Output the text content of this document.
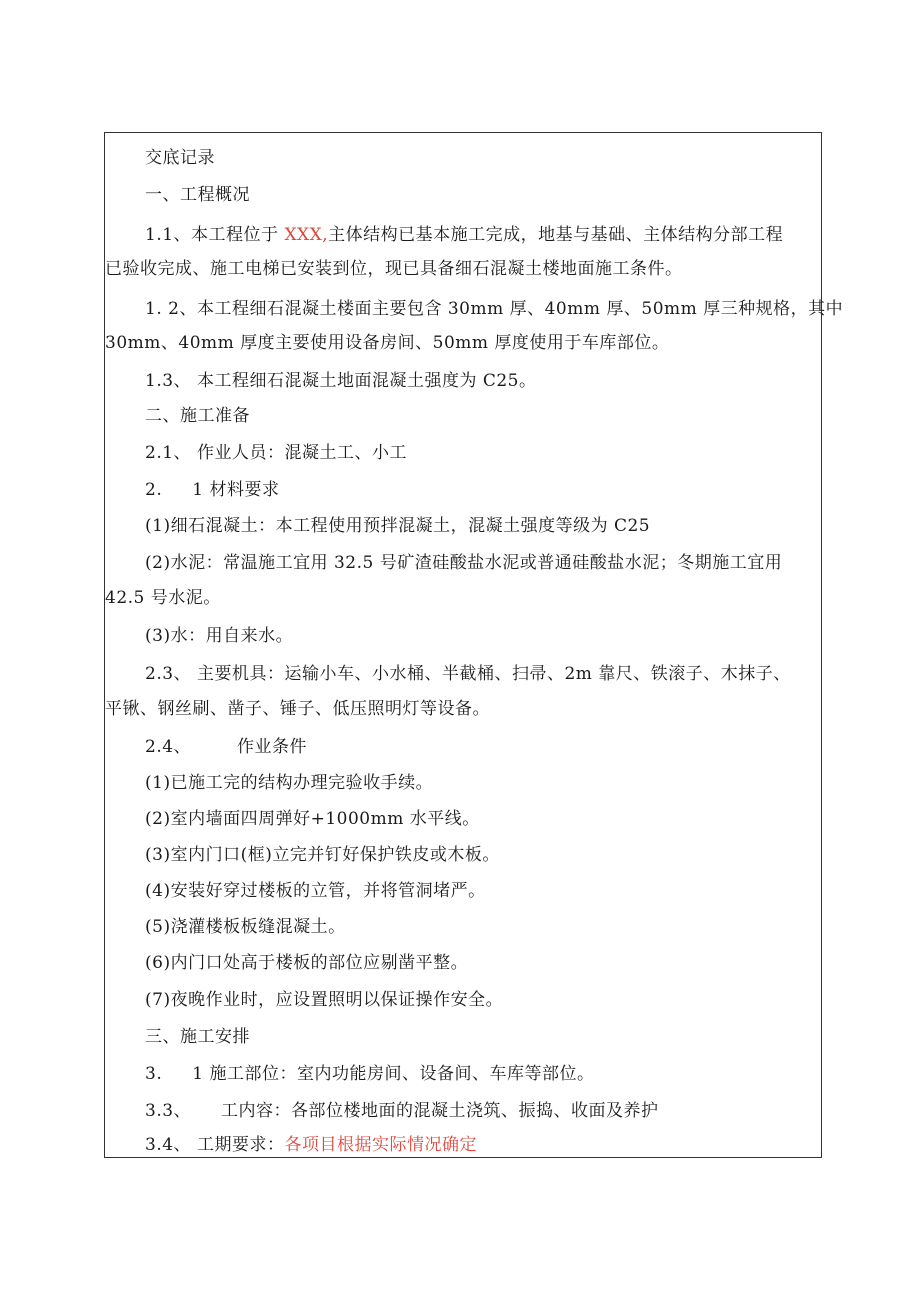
交底记录
一、工程概况
1.1、本工程位于 XXX,主体结构已基本施工完成，地基与基础、主体结构分部工程
已验收完成、施工电梯已安装到位，现已具备细石混凝土楼地面施工条件。
1. 2、本工程细石混凝土楼面主要包含 30mm 厚、40mm 厚、50mm 厚三种规格，其中
30mm、40mm 厚度主要使用设备房间、50mm 厚度使用于车库部位。
1.3、 本工程细石混凝土地面混凝土强度为 C25。
二、施工准备
2.1、 作业人员：混凝土工、小工
2. 1 材料要求
(1)细石混凝土：本工程使用预拌混凝土，混凝土强度等级为 C25
(2)水泥：常温施工宜用 32.5 号矿渣硅酸盐水泥或普通硅酸盐水泥；冬期施工宜用
42.5 号水泥。
(3)水：用自来水。
2.3、 主要机具：运输小车、小水桶、半截桶、扫帚、2m 靠尺、铁滚子、木抹子、
平锹、钢丝刷、凿子、锤子、低压照明灯等设备。
2.4、	作业条件
(1)已施工完的结构办理完验收手续。
(2)室内墙面四周弹好+1000mm 水平线。
(3)室内门口(框)立完并钉好保护铁皮或木板。
(4)安装好穿过楼板的立管，并将管洞堵严。
(5)浇灌楼板板缝混凝土。
(6)内门口处高于楼板的部位应剔凿平整。
(7)夜晚作业时，应设置照明以保证操作安全。
三、施工安排
3. 1 施工部位：室内功能房间、设备间、车库等部位。
3.3、 工内容：各部位楼地面的混凝土浇筑、振捣、收面及养护
3.4、 工期要求：各项目根据实际情况确定
